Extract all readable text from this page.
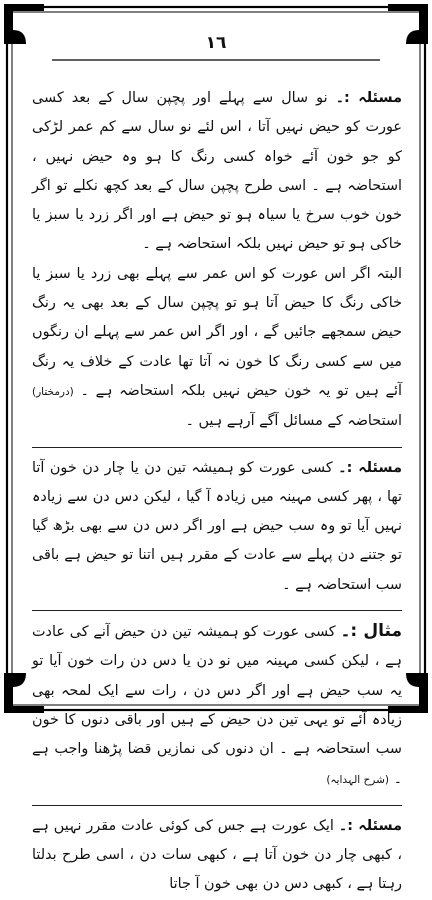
١٦

مسئلہ :۔ نو سال سے پہلے اور پچپن سال کے بعد کسی عورت کو حیض نہیں آتا ، اس لئے نو سال سے کم عمر لڑکی کو جو خون آئے خواہ کسی رنگ کا ہو وہ حیض نہیں ، استحاضہ ہے ۔ اسی طرح پچپن سال کے بعد کچھ نکلے تو اگر خون خوب سرخ یا سیاہ ہو تو حیض ہے اور اگر زرد یا سبز یا خاکی ہو تو حیض نہیں بلکہ استحاضہ ہے ۔

البتہ اگر اس عورت کو اس عمر سے پہلے بھی زرد یا سبز یا خاکی رنگ کا حیض آتا ہو تو پچپن سال کے بعد بھی یہ رنگ حیض سمجھے جائیں گے ، اور اگر اس عمر سے پہلے ان رنگوں میں سے کسی رنگ کا خون نہ آتا تھا عادت کے خلاف یہ رنگ آئے ہیں تو یہ خون حیض نہیں بلکہ استحاضہ ہے ۔ (درمختار) استحاضہ کے مسائل آگے آرہے ہیں ۔

مسئلہ :۔ کسی عورت کو ہمیشہ تین دن یا چار دن خون آتا تھا ، پھر کسی مہینہ میں زیادہ آ گیا ، لیکن دس دن سے زیادہ نہیں آیا تو وہ سب حیض ہے اور اگر دس دن سے بھی بڑھ گیا تو جتنے دن پہلے سے عادت کے مقرر ہیں اتنا تو حیض ہے باقی سب استحاضہ ہے ۔

مثال :۔ کسی عورت کو ہمیشہ تین دن حیض آنے کی عادت ہے ، لیکن کسی مہینہ میں نو دن یا دس دن رات خون آیا تو یہ سب حیض ہے اور اگر دس دن ، رات سے ایک لمحہ بھی زیادہ آئے تو یہی تین دن حیض کے ہیں اور باقی دنوں کا خون سب استحاضہ ہے ۔ ان دنوں کی نمازیں قضا پڑھنا واجب ہے ۔ (شرح الہدایہ)

مسئلہ :۔ ایک عورت ہے جس کی کوئی عادت مقرر نہیں ہے ، کبھی چار دن خون آتا ہے ، کبھی سات دن ، اسی طرح بدلتا رہتا ہے ، کبھی دس دن بھی خون آ جاتا
